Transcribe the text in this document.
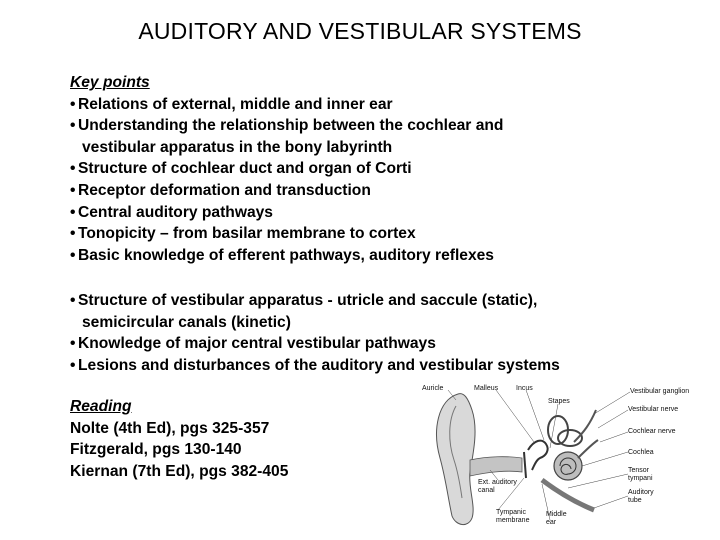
AUDITORY AND VESTIBULAR SYSTEMS
Key points
• Relations of external, middle and inner ear
• Understanding the relationship between the cochlear and
vestibular apparatus in the bony labyrinth
• Structure of cochlear duct and organ of Corti
• Receptor deformation and transduction
• Central auditory pathways
• Tonopicity – from basilar membrane to cortex
• Basic knowledge of efferent pathways, auditory reflexes
• Structure of vestibular apparatus - utricle and saccule (static),
semicircular canals (kinetic)
• Knowledge of major central vestibular pathways
• Lesions and disturbances of the auditory and vestibular systems
Reading
Nolte (4th Ed), pgs 325-357
Fitzgerald, pgs 130-140
Kiernan (7th Ed), pgs 382-405
Auricle	Malleus	Incus	Vestibular ganglion
Stapes
Vestibular nerve
Cochlear nerve
Cochlea
Tensor
tympani
Ext. auditory
canal	Auditory
tube
Tympanic
membrane
Middle
ear
